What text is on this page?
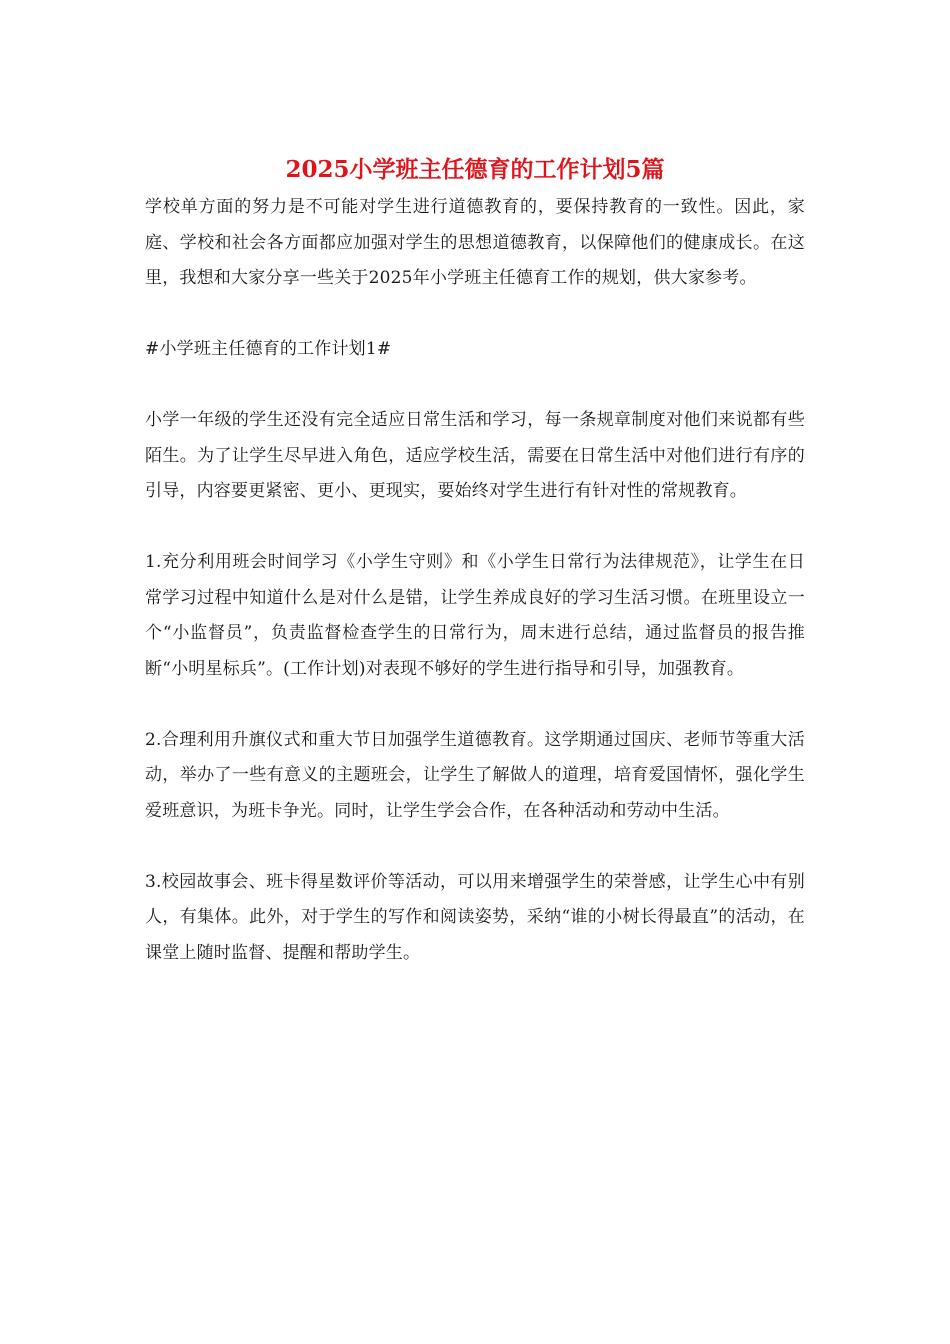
2025小学班主任德育的工作计划5篇

学校单方面的努力是不可能对学生进行道德教育的，要保持教育的一致性。因此，家庭、学校和社会各方面都应加强对学生的思想道德教育，以保障他们的健康成长。在这里，我想和大家分享一些关于2025年小学班主任德育工作的规划，供大家参考。

#小学班主任德育的工作计划1#

小学一年级的学生还没有完全适应日常生活和学习，每一条规章制度对他们来说都有些陌生。为了让学生尽早进入角色，适应学校生活，需要在日常生活中对他们进行有序的引导，内容要更紧密、更小、更现实，要始终对学生进行有针对性的常规教育。

1.充分利用班会时间学习《小学生守则》和《小学生日常行为法律规范》，让学生在日常学习过程中知道什么是对什么是错，让学生养成良好的学习生活习惯。在班里设立一个“小监督员”，负责监督检查学生的日常行为，周末进行总结，通过监督员的报告推断“小明星标兵”。(工作计划)对表现不够好的学生进行指导和引导，加强教育。

2.合理利用升旗仪式和重大节日加强学生道德教育。这学期通过国庆、老师节等重大活动，举办了一些有意义的主题班会，让学生了解做人的道理，培育爱国情怀，强化学生爱班意识，为班卡争光。同时，让学生学会合作，在各种活动和劳动中生活。

3.校园故事会、班卡得星数评价等活动，可以用来增强学生的荣誉感，让学生心中有别人，有集体。此外，对于学生的写作和阅读姿势，采纳“谁的小树长得最直”的活动，在课堂上随时监督、提醒和帮助学生。
